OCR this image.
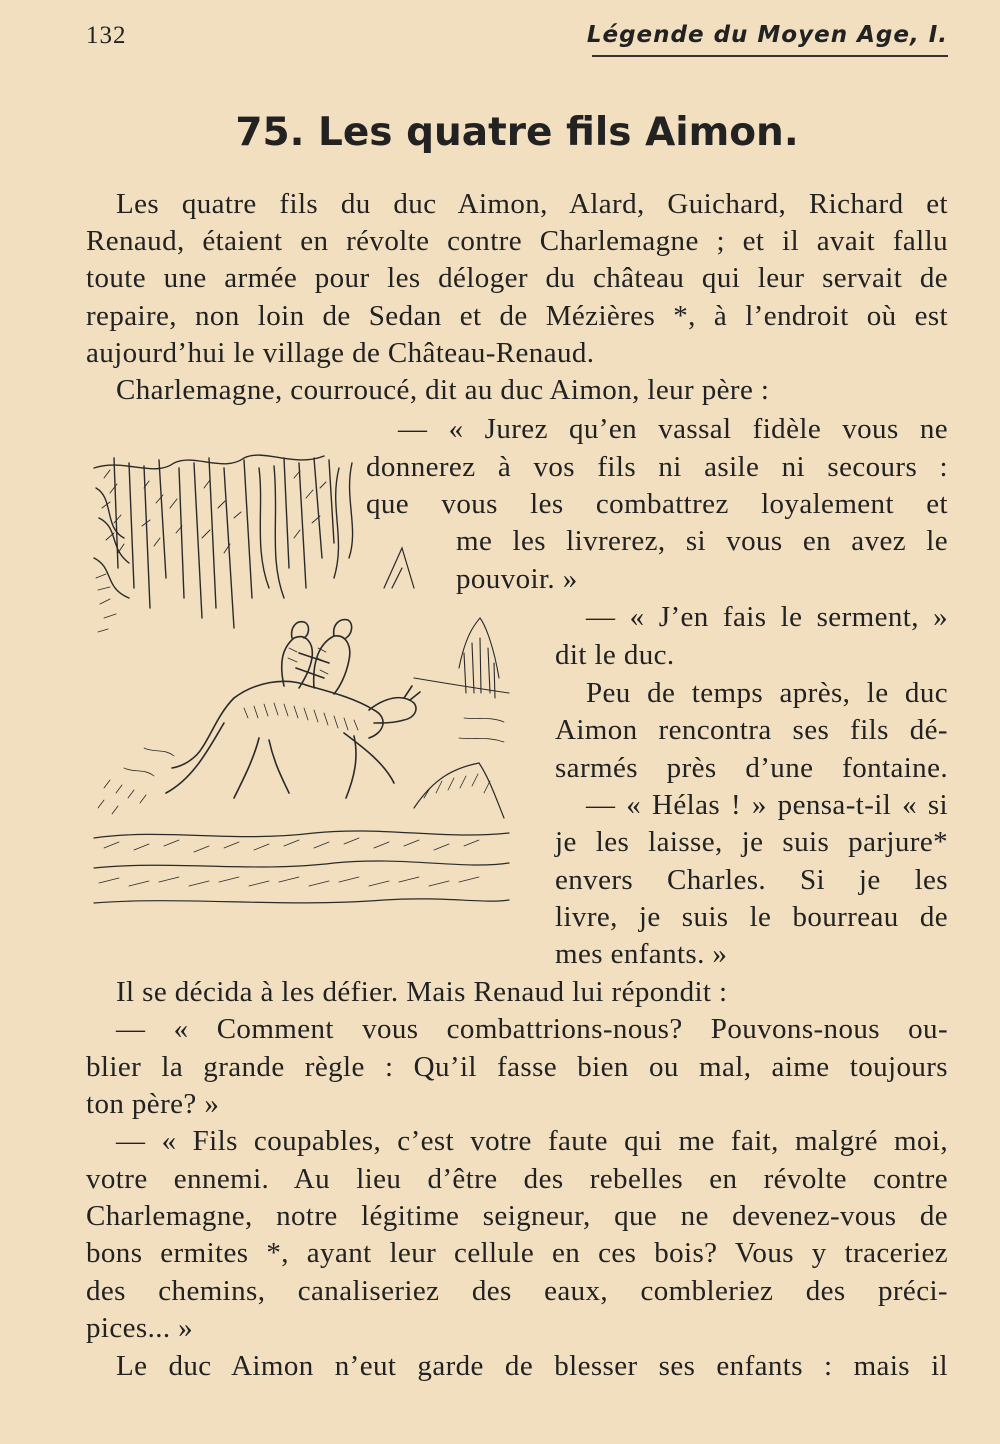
132	Légende du Moyen Age, I.
75. Les quatre fils Aimon.
Les quatre fils du duc Aimon, Alard, Guichard, Richard et
Renaud, étaient en révolte contre Charlemagne ; et il avait fallu
toute une armée pour les déloger du château qui leur servait de
repaire, non loin de Sedan et de Mézières *, à l’endroit où est
aujourd’hui le village de Château-Renaud.
Charlemagne, courroucé, dit au duc Aimon, leur père :
— « Jurez qu’en vassal fidèle vous ne
donnerez à vos fils ni asile ni secours :
que vous les combattrez loyalement et
me les livrerez, si vous en avez le
pouvoir. »
— « J’en fais le serment, »
dit le duc.
Peu de temps après, le duc
Aimon rencontra ses fils dé-
sarmés près d’une fontaine.
— « Hélas ! » pensa-t-il « si
je les laisse, je suis parjure*
envers Charles. Si je les
livre, je suis le bourreau de
mes enfants. »
Il se décida à les défier. Mais Renaud lui répondit :
— « Comment vous combattrions-nous? Pouvons-nous ou-
blier la grande règle : Qu’il fasse bien ou mal, aime toujours
ton père? »
— « Fils coupables, c’est votre faute qui me fait, malgré moi,
votre ennemi. Au lieu d’être des rebelles en révolte contre
Charlemagne, notre légitime seigneur, que ne devenez-vous de
bons ermites *, ayant leur cellule en ces bois? Vous y traceriez
des chemins, canaliseriez des eaux, combleriez des préci-
pices... »
Le duc Aimon n’eut garde de blesser ses enfants : mais il
